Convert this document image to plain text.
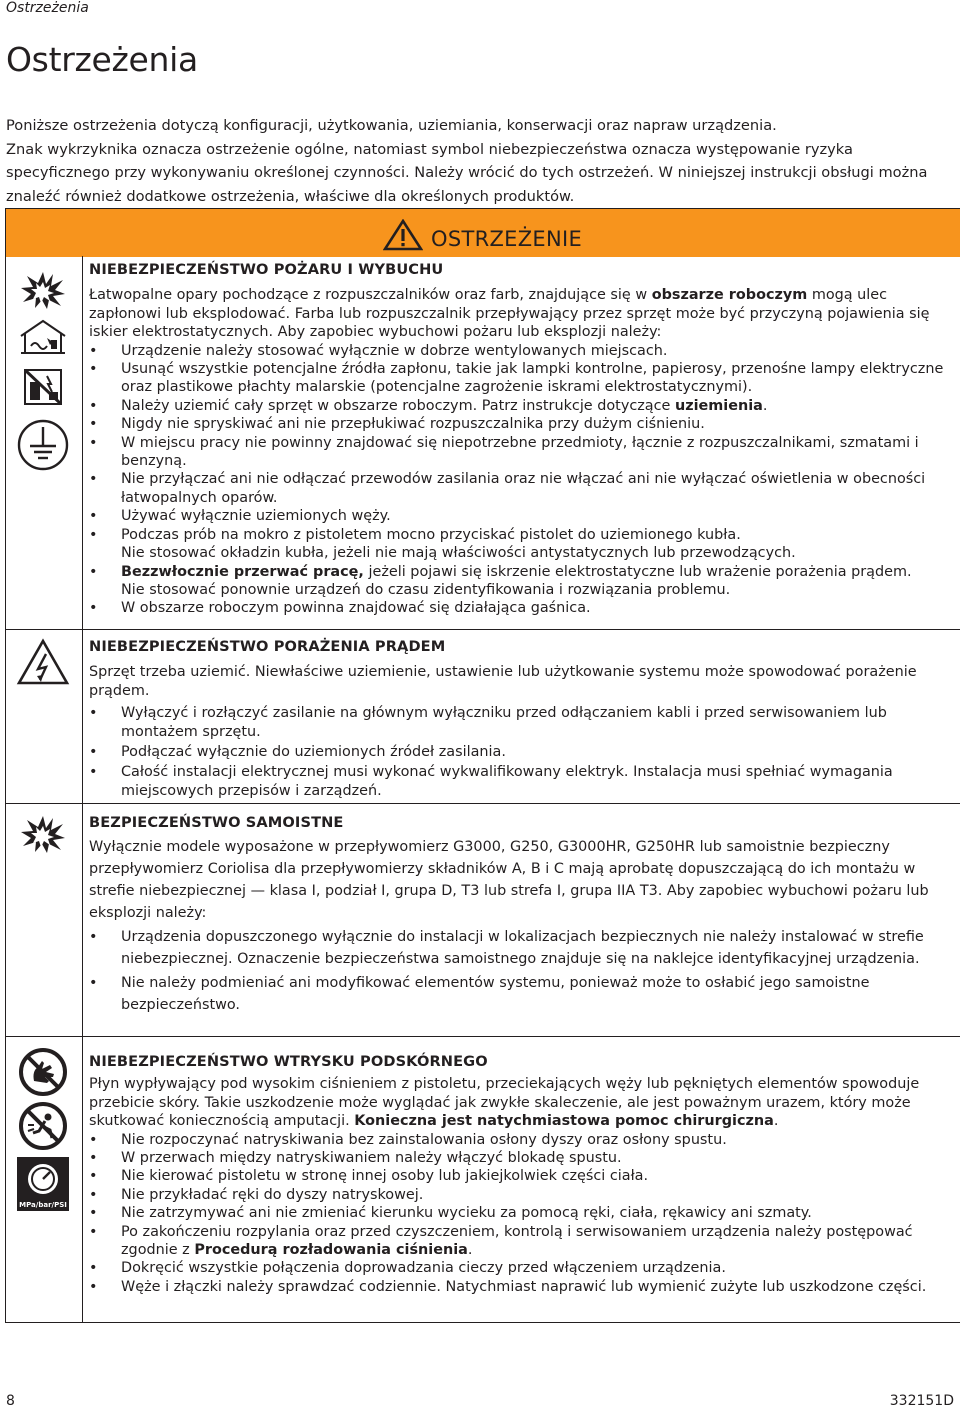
Ostrzeżenia
Ostrzeżenia

Poniższe ostrzeżenia dotyczą konfiguracji, użytkowania, uziemiania, konserwacji oraz napraw urządzenia.

Znak wykrzyknika oznacza ostrzeżenie ogólne, natomiast symbol niebezpieczeństwa oznacza występowanie ryzyka specyficznego przy wykonywaniu określonej czynności. Należy wrócić do tych ostrzeżeń. W niniejszej instrukcji obsługi można znaleźć również dodatkowe ostrzeżenia, właściwe dla określonych produktów.

OSTRZEŻENIE
NIEBEZPIECZEŃSTWO POŻARU I WYBUCHU

Łatwopalne opary pochodzące z rozpuszczalników oraz farb, znajdujące się w obszarze roboczym mogą ulec zapłonowi lub eksplodować. Farba lub rozpuszczalnik przepływający przez sprzęt może być przyczyną pojawienia się iskier elektrostatycznych. Aby zapobiec wybuchowi pożaru lub eksplozji należy:

• Urządzenie należy stosować wyłącznie w dobrze wentylowanych miejscach.
• Usunąć wszystkie potencjalne źródła zapłonu, takie jak lampki kontrolne, papierosy, przenośne lampy elektryczne oraz plastikowe płachty malarskie (potencjalne zagrożenie iskrami elektrostatycznymi).
• Należy uziemić cały sprzęt w obszarze roboczym. Patrz instrukcje dotyczące uziemienia.
• Nigdy nie spryskiwać ani nie przepłukiwać rozpuszczalnika przy dużym ciśnieniu.
• W miejscu pracy nie powinny znajdować się niepotrzebne przedmioty, łącznie z rozpuszczalnikami, szmatami i benzyną.
• Nie przyłączać ani nie odłączać przewodów zasilania oraz nie włączać ani nie wyłączać oświetlenia w obecności łatwopalnych oparów.
• Używać wyłącznie uziemionych węży.
• Podczas prób na mokro z pistoletem mocno przyciskać pistolet do uziemionego kubła.
Nie stosować okładzin kubła, jeżeli nie mają właściwości antystatycznych lub przewodzących.
• Bezzwłocznie przerwać pracę, jeżeli pojawi się iskrzenie elektrostatyczne lub wrażenie porażenia prądem.
Nie stosować ponownie urządzeń do czasu zidentyfikowania i rozwiązania problemu.
• W obszarze roboczym powinna znajdować się działająca gaśnica.
NIEBEZPIECZEŃSTWO PORAŻENIA PRĄDEM

Sprzęt trzeba uziemić. Niewłaściwe uziemienie, ustawienie lub użytkowanie systemu może spowodować porażenie prądem.

• Wyłączyć i rozłączyć zasilanie na głównym wyłączniku przed odłączaniem kabli i przed serwisowaniem lub montażem sprzętu.
• Podłączać wyłącznie do uziemionych źródeł zasilania.
• Całość instalacji elektrycznej musi wykonać wykwalifikowany elektryk. Instalacja musi spełniać wymagania miejscowych przepisów i zarządzeń.
BEZPIECZEŃSTWO SAMOISTNE

Wyłącznie modele wyposażone w przepływomierz G3000, G250, G3000HR, G250HR lub samoistnie bezpieczny przepływomierz Coriolisa dla przepływomierzy składników A, B i C mają aprobatę dopuszczającą do ich montażu w strefie niebezpiecznej — klasa I, podział I, grupa D, T3 lub strefa I, grupa IIA T3. Aby zapobiec wybuchowi pożaru lub eksplozji należy:

• Urządzenia dopuszczonego wyłącznie do instalacji w lokalizacjach bezpiecznych nie należy instalować w strefie niebezpiecznej. Oznaczenie bezpieczeństwa samoistnego znajduje się na naklejce identyfikacyjnej urządzenia.
• Nie należy podmieniać ani modyfikować elementów systemu, ponieważ może to osłabić jego samoistne bezpieczeństwo.
MPa/bar/PSI
NIEBEZPIECZEŃSTWO WTRYSKU PODSKÓRNEGO

Płyn wypływający pod wysokim ciśnieniem z pistoletu, przeciekających węży lub pękniętych elementów spowoduje przebicie skóry. Takie uszkodzenie może wyglądać jak zwykłe skaleczenie, ale jest poważnym urazem, który może skutkować koniecznością amputacji. Konieczna jest natychmiastowa pomoc chirurgiczna.

• Nie rozpoczynać natryskiwania bez zainstalowania osłony dyszy oraz osłony spustu.
• W przerwach między natryskiwaniem należy włączyć blokadę spustu.
• Nie kierować pistoletu w stronę innej osoby lub jakiejkolwiek części ciała.
• Nie przykładać ręki do dyszy natryskowej.
• Nie zatrzymywać ani nie zmieniać kierunku wycieku za pomocą ręki, ciała, rękawicy ani szmaty.
• Po zakończeniu rozpylania oraz przed czyszczeniem, kontrolą i serwisowaniem urządzenia należy postępować zgodnie z Procedurą rozładowania ciśnienia.
• Dokręcić wszystkie połączenia doprowadzania cieczy przed włączeniem urządzenia.
• Węże i złączki należy sprawdzać codziennie. Natychmiast naprawić lub wymienić zużyte lub uszkodzone części.
8	332151D
